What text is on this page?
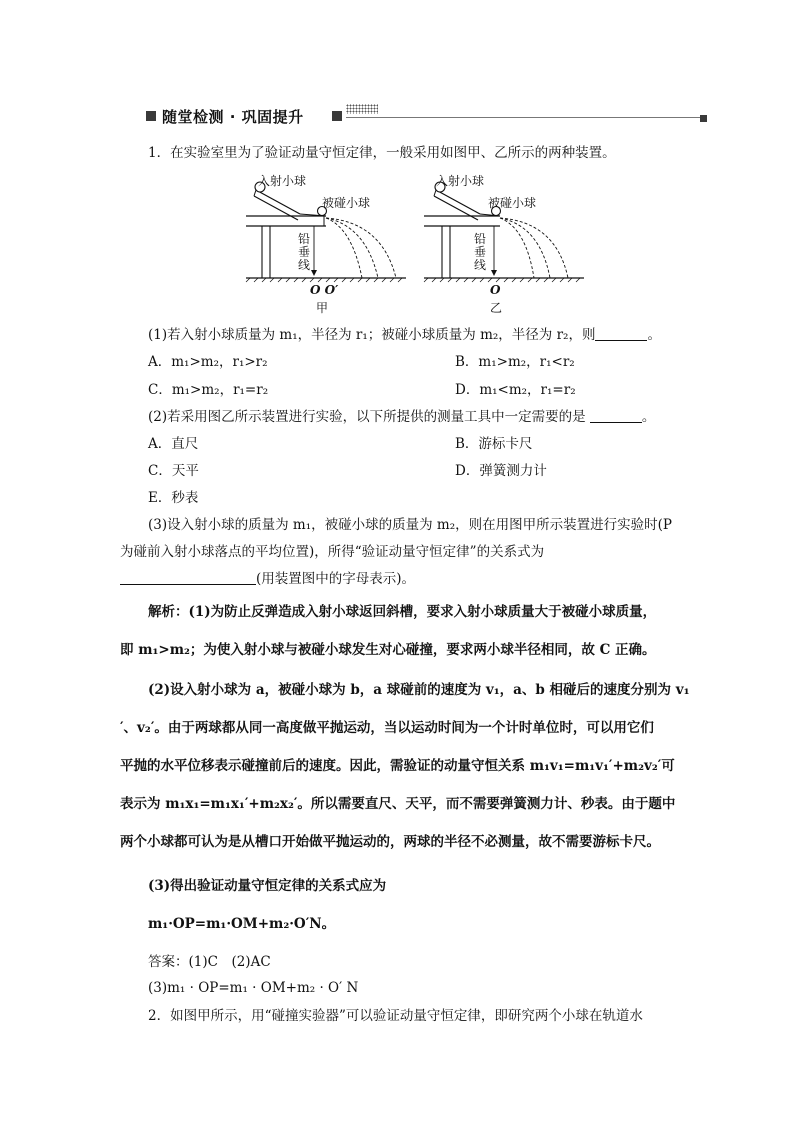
随堂检测 · 巩固提升
1．在实验室里为了验证动量守恒定律，一般采用如图甲、乙所示的两种装置。
入射小球
被碰小球
铅
垂
线
O O′
甲
入射小球
被碰小球
铅
垂
线
O
乙
(1)若入射小球质量为 m₁，半径为 r₁；被碰小球质量为 m₂，半径为 r₂，则	。
A．m₁>m₂，r₁>r₂	B．m₁>m₂，r₁<r₂
C．m₁>m₂，r₁=r₂	D．m₁<m₂，r₁=r₂
(2)若采用图乙所示装置进行实验，以下所提供的测量工具中一定需要的是	。
A．直尺	B．游标卡尺
C．天平	D．弹簧测力计
E．秒表
(3)设入射小球的质量为 m₁，被碰小球的质量为 m₂，则在用图甲所示装置进行实验时(P
为碰前入射小球落点的平均位置)，所得“验证动量守恒定律”的关系式为
(用装置图中的字母表示)。
解析：(1)为防止反弹造成入射小球返回斜槽，要求入射小球质量大于被碰小球质量，
即 m₁>m₂；为使入射小球与被碰小球发生对心碰撞，要求两小球半径相同，故 C 正确。
(2)设入射小球为 a，被碰小球为 b，a 球碰前的速度为 v₁，a、b 相碰后的速度分别为 v₁
′、v₂′。由于两球都从同一高度做平抛运动，当以运动时间为一个计时单位时，可以用它们
平抛的水平位移表示碰撞前后的速度。因此，需验证的动量守恒关系 m₁v₁=m₁v₁′+m₂v₂′可
表示为 m₁x₁=m₁x₁′+m₂x₂′。所以需要直尺、天平，而不需要弹簧测力计、秒表。由于题中
两个小球都可认为是从槽口开始做平抛运动的，两球的半径不必测量，故不需要游标卡尺。
(3)得出验证动量守恒定律的关系式应为
m₁·OP=m₁·OM+m₂·O′N。
答案：(1)C　(2)AC
(3)m₁ · OP=m₁ · OM+m₂ · O′ N
2．如图甲所示，用“碰撞实验器”可以验证动量守恒定律，即研究两个小球在轨道水
